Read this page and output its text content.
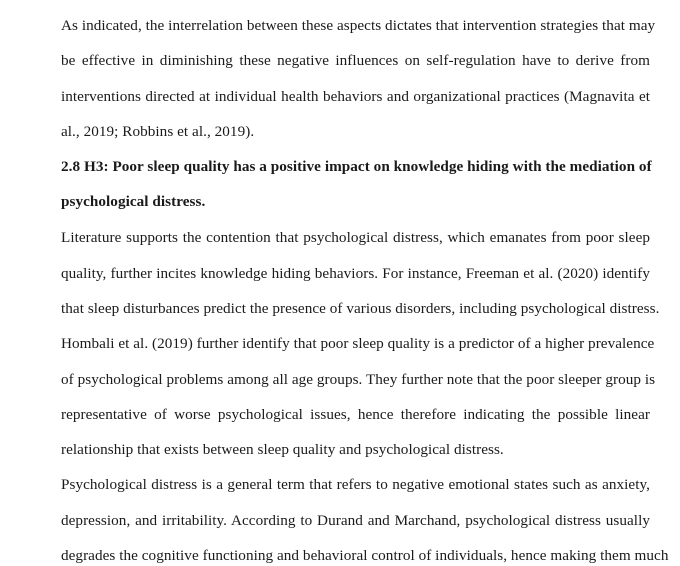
As indicated, the interrelation between these aspects dictates that intervention strategies that may
be effective in diminishing these negative influences on self-regulation have to derive from
interventions directed at individual health behaviors and organizational practices (Magnavita et
al., 2019; Robbins et al., 2019).
2.8 H3: Poor sleep quality has a positive impact on knowledge hiding with the mediation of
psychological distress.
Literature supports the contention that psychological distress, which emanates from poor sleep
quality, further incites knowledge hiding behaviors. For instance, Freeman et al. (2020) identify
that sleep disturbances predict the presence of various disorders, including psychological distress.
Hombali et al. (2019) further identify that poor sleep quality is a predictor of a higher prevalence
of psychological problems among all age groups. They further note that the poor sleeper group is
representative of worse psychological issues, hence therefore indicating the possible linear
relationship that exists between sleep quality and psychological distress.
Psychological distress is a general term that refers to negative emotional states such as anxiety,
depression, and irritability. According to Durand and Marchand, psychological distress usually
degrades the cognitive functioning and behavioral control of individuals, hence making them much
